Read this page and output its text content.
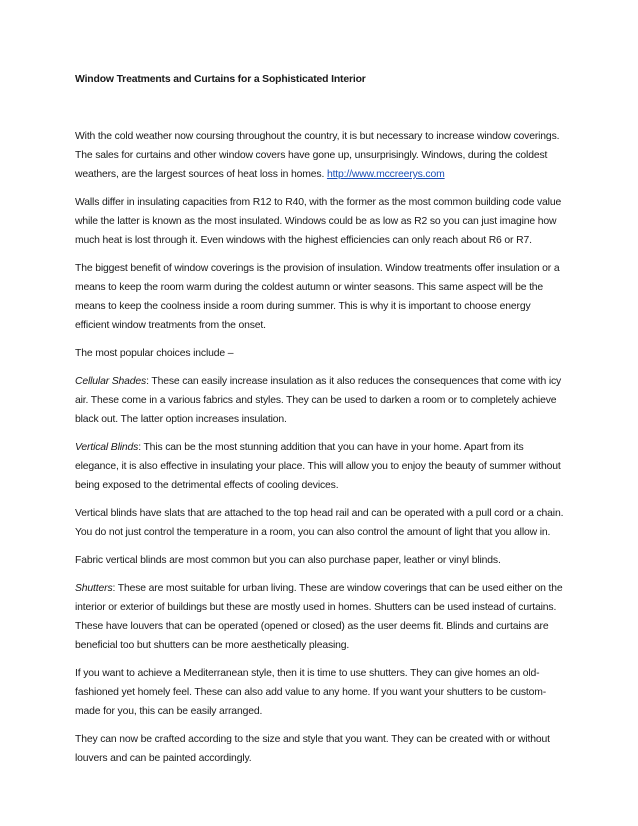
Window Treatments and Curtains for a Sophisticated Interior

With the cold weather now coursing throughout the country, it is but necessary to increase window coverings. The sales for curtains and other window covers have gone up, unsurprisingly. Windows, during the coldest weathers, are the largest sources of heat loss in homes. http://www.mccreerys.com

Walls differ in insulating capacities from R12 to R40, with the former as the most common building code value while the latter is known as the most insulated. Windows could be as low as R2 so you can just imagine how much heat is lost through it. Even windows with the highest efficiencies can only reach about R6 or R7.

The biggest benefit of window coverings is the provision of insulation. Window treatments offer insulation or a means to keep the room warm during the coldest autumn or winter seasons. This same aspect will be the means to keep the coolness inside a room during summer. This is why it is important to choose energy efficient window treatments from the onset.

The most popular choices include –

Cellular Shades: These can easily increase insulation as it also reduces the consequences that come with icy air. These come in a various fabrics and styles. They can be used to darken a room or to completely achieve black out. The latter option increases insulation.

Vertical Blinds: This can be the most stunning addition that you can have in your home. Apart from its elegance, it is also effective in insulating your place. This will allow you to enjoy the beauty of summer without being exposed to the detrimental effects of cooling devices.

Vertical blinds have slats that are attached to the top head rail and can be operated with a pull cord or a chain. You do not just control the temperature in a room, you can also control the amount of light that you allow in.

Fabric vertical blinds are most common but you can also purchase paper, leather or vinyl blinds.

Shutters: These are most suitable for urban living. These are window coverings that can be used either on the interior or exterior of buildings but these are mostly used in homes. Shutters can be used instead of curtains. These have louvers that can be operated (opened or closed) as the user deems fit. Blinds and curtains are beneficial too but shutters can be more aesthetically pleasing.

If you want to achieve a Mediterranean style, then it is time to use shutters. They can give homes an old-fashioned yet homely feel. These can also add value to any home. If you want your shutters to be custom-made for you, this can be easily arranged.

They can now be crafted according to the size and style that you want. They can be created with or without louvers and can be painted accordingly.
